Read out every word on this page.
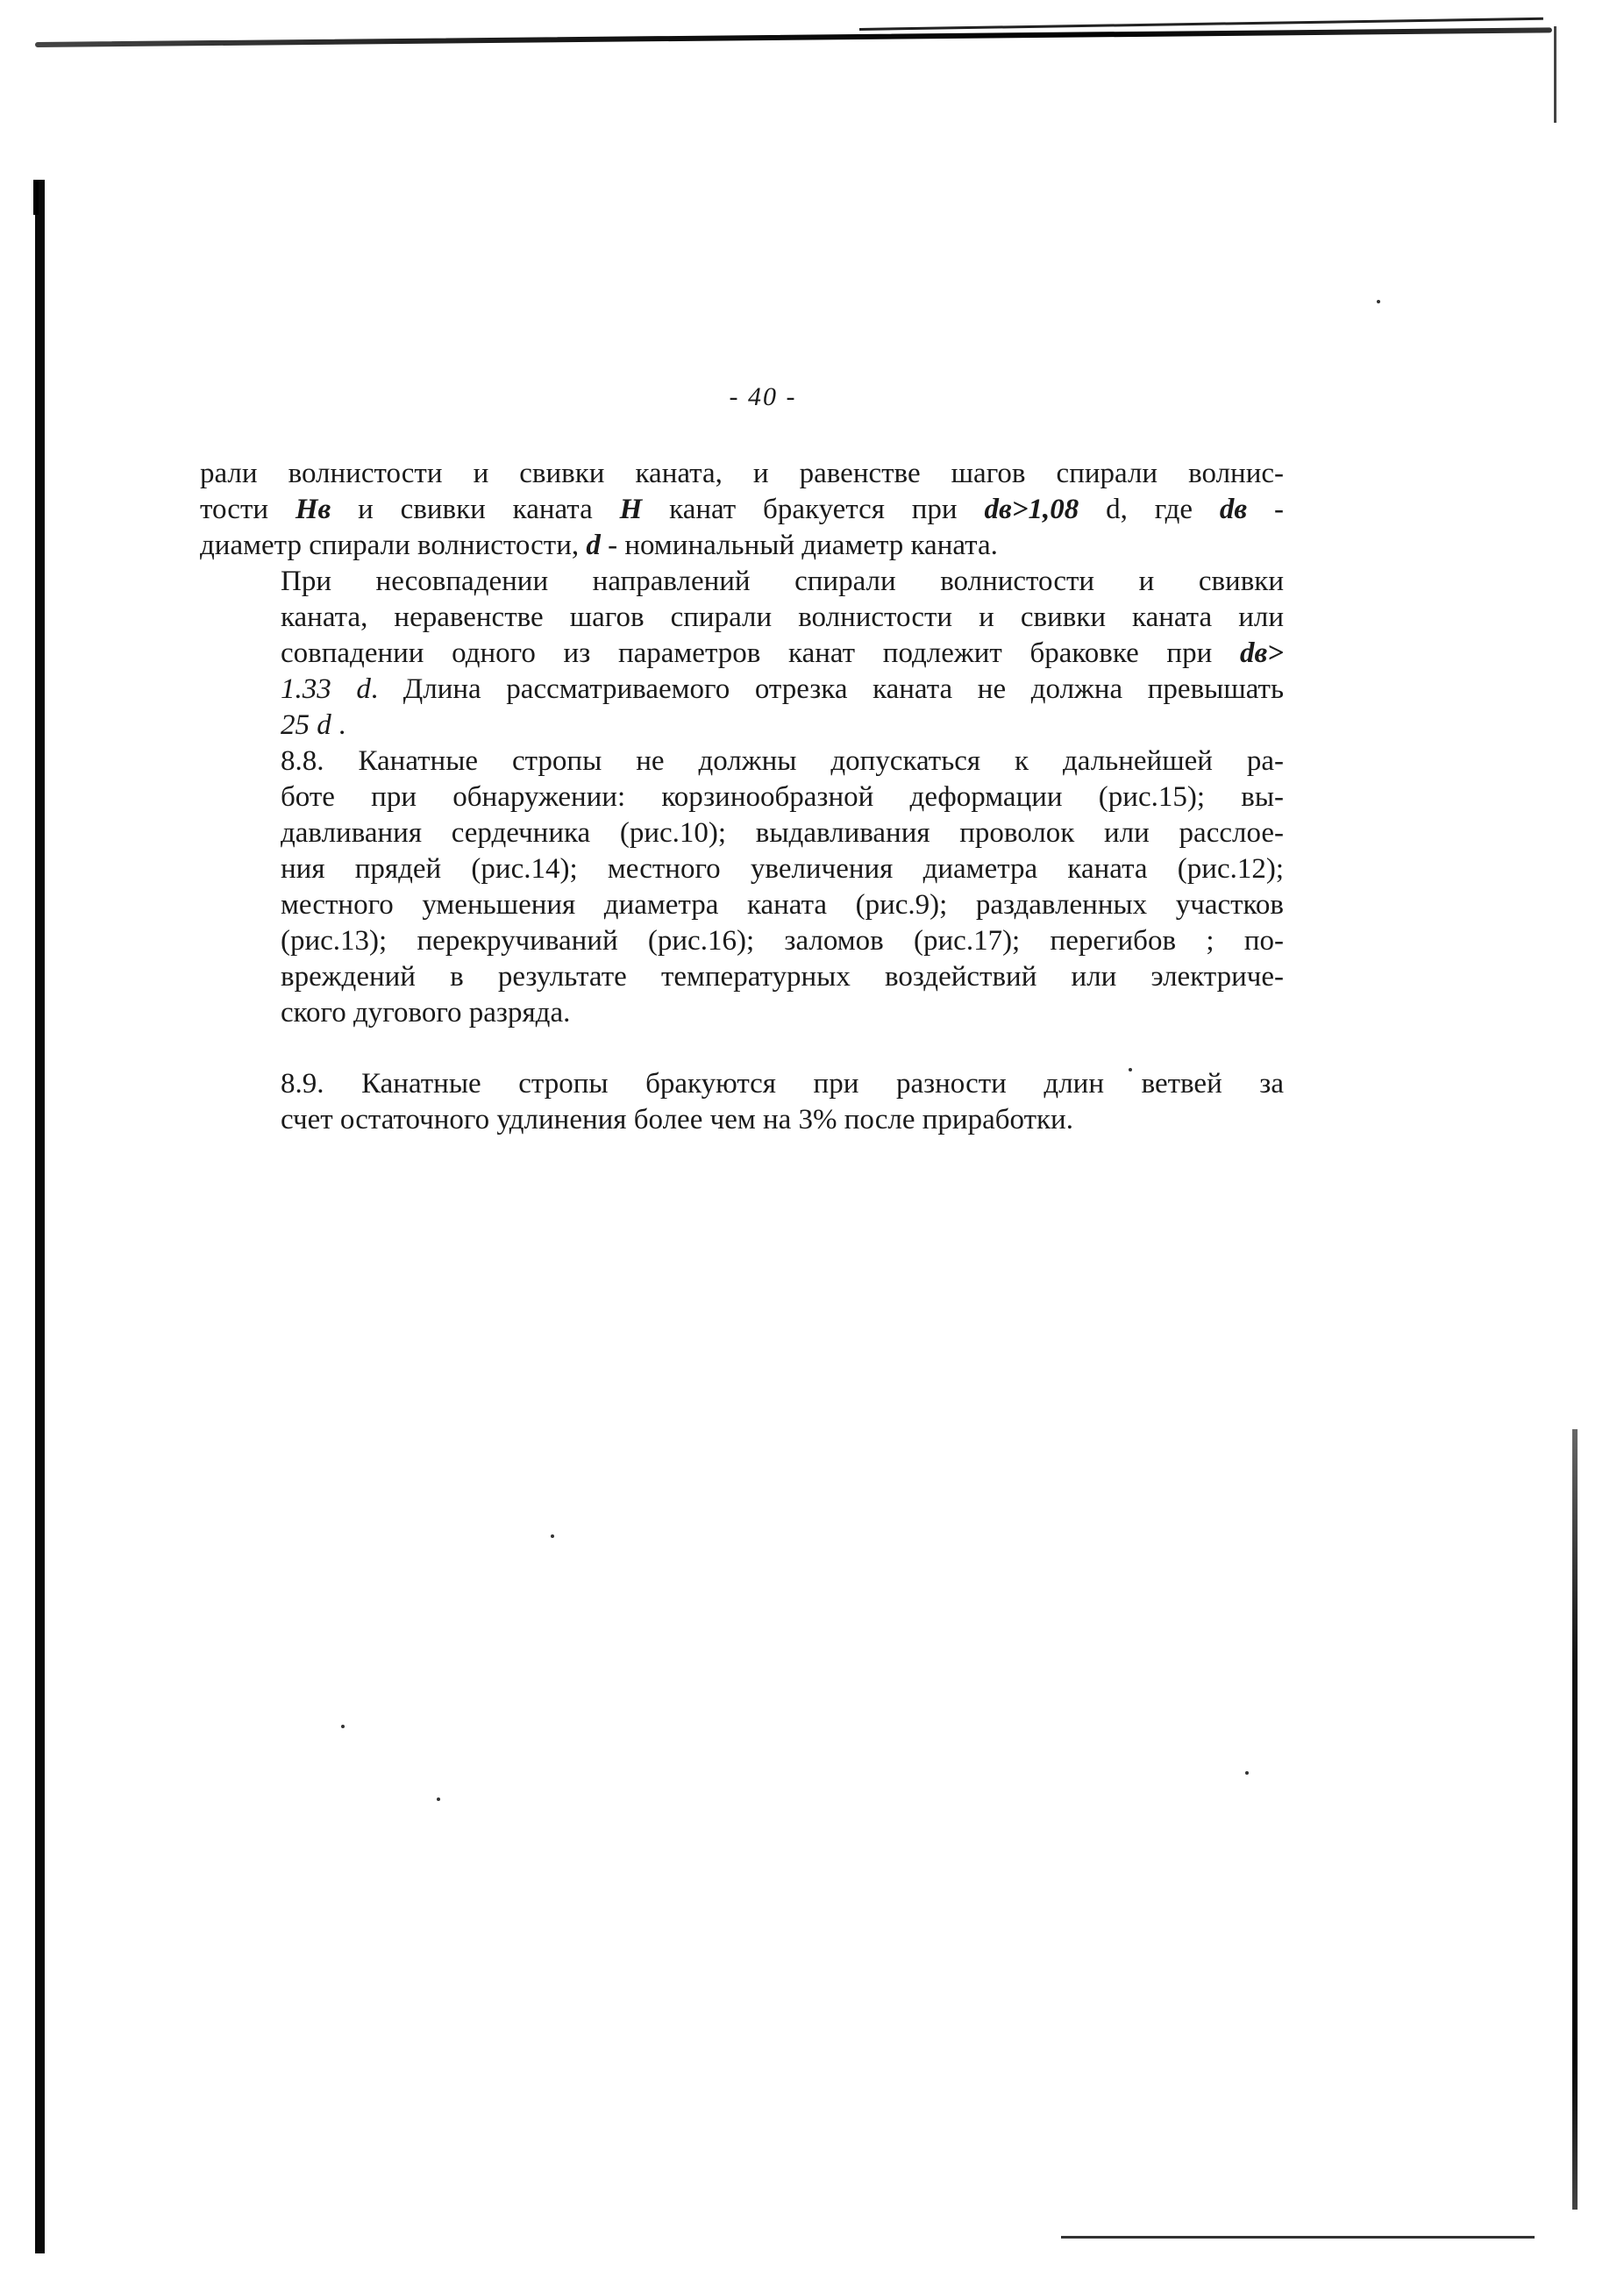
- 40 -

рали волнистости и свивки каната, и равенстве шагов спирали волнис-
тости Hв и свивки каната H канат бракуется при dв>1,08 d, где dв -
диаметр спирали волнистости, d - номинальный диаметр каната.

При несовпадении направлений спирали волнистости и свивки
каната, неравенстве шагов спирали волнистости и свивки каната или
совпадении одного из параметров канат подлежит браковке при dв>
1.33 d. Длина рассматриваемого отрезка каната не должна превышать
25 d .

8.8. Канатные стропы не должны допускаться к дальнейшей ра-
боте при обнаружении: корзинообразной деформации (рис.15); вы-
давливания сердечника (рис.10); выдавливания проволок или расслое-
ния прядей (рис.14); местного увеличения диаметра каната (рис.12);
местного уменьшения диаметра каната (рис.9); раздавленных участков
(рис.13); перекручиваний (рис.16); заломов (рис.17); перегибов ; по-
вреждений в результате температурных воздействий или электриче-
ского дугового разряда.

8.9. Канатные стропы бракуются при разности длин ветвей за
счет остаточного удлинения более чем на 3% после приработки.
